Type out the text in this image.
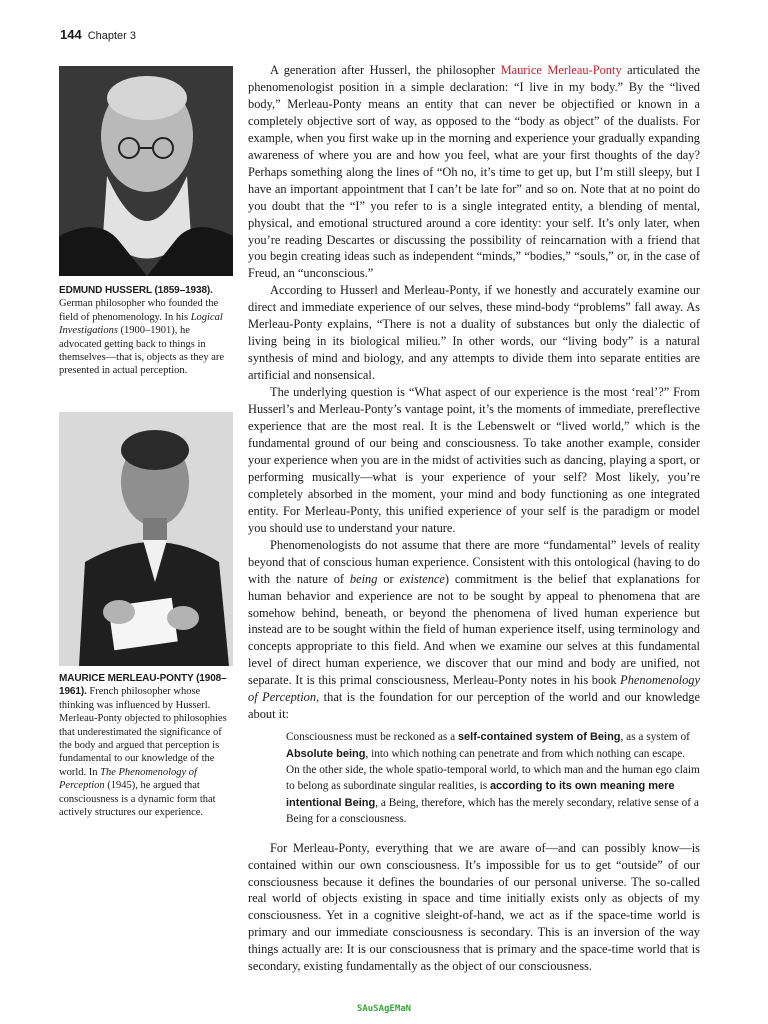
144 Chapter 3
EDMUND HUSSERL (1859–1938). German philosopher who founded the field of phenomenology. In his Logical Investigations (1900–1901), he advocated getting back to things in themselves—that is, objects as they are presented in actual perception.
MAURICE MERLEAU-PONTY (1908–1961). French philosopher whose thinking was influenced by Husserl. Merleau-Ponty objected to philosophies that underestimated the significance of the body and argued that perception is fundamental to our knowledge of the world. In The Phenomenology of Perception (1945), he argued that consciousness is a dynamic form that actively structures our experience.

A generation after Husserl, the philosopher Maurice Merleau-Ponty articulated the phenomenologist position in a simple declaration: “I live in my body.” By the “lived body,” Merleau-Ponty means an entity that can never be objectified or known in a completely objective sort of way, as opposed to the “body as object” of the dualists. For example, when you first wake up in the morning and experience your gradually expanding awareness of where you are and how you feel, what are your first thoughts of the day? Perhaps something along the lines of “Oh no, it’s time to get up, but I’m still sleepy, but I have an important appointment that I can’t be late for” and so on. Note that at no point do you doubt that the “I” you refer to is a single integrated entity, a blending of mental, physical, and emotional structured around a core identity: your self. It’s only later, when you’re reading Descartes or discussing the possibility of reincarnation with a friend that you begin creating ideas such as independent “minds,” “bodies,” “souls,” or, in the case of Freud, an “unconscious.”

According to Husserl and Merleau-Ponty, if we honestly and accurately examine our direct and immediate experience of our selves, these mind-body “problems” fall away. As Merleau-Ponty explains, “There is not a duality of substances but only the dialectic of living being in its biological milieu.” In other words, our “living body” is a natural synthesis of mind and biology, and any attempts to divide them into separate entities are artificial and nonsensical.

The underlying question is “What aspect of our experience is the most ‘real’?” From Husserl’s and Merleau-Ponty’s vantage point, it’s the moments of immediate, prereflective experience that are the most real. It is the Lebenswelt or “lived world,” which is the fundamental ground of our being and consciousness. To take another example, consider your experience when you are in the midst of activities such as dancing, playing a sport, or performing musically—what is your experience of your self? Most likely, you’re completely absorbed in the moment, your mind and body functioning as one integrated entity. For Merleau-Ponty, this unified experience of your self is the paradigm or model you should use to understand your nature.

Phenomenologists do not assume that there are more “fundamental” levels of reality beyond that of conscious human experience. Consistent with this ontological (having to do with the nature of being or existence) commitment is the belief that explanations for human behavior and experience are not to be sought by appeal to phenomena that are somehow behind, beneath, or beyond the phenomena of lived human experience but instead are to be sought within the field of human experience itself, using terminology and concepts appropriate to this field. And when we examine our selves at this fundamental level of direct human experience, we discover that our mind and body are unified, not separate. It is this primal consciousness, Merleau-Ponty notes in his book Phenomenology of Perception, that is the foundation for our perception of the world and our knowledge about it:

Consciousness must be reckoned as a self-contained system of Being, as a system of Absolute being, into which nothing can penetrate and from which nothing can escape. On the other side, the whole spatio-temporal world, to which man and the human ego claim to belong as subordinate singular realities, is according to its own meaning mere intentional Being, a Being, therefore, which has the merely secondary, relative sense of a Being for a consciousness.

For Merleau-Ponty, everything that we are aware of—and can possibly know—is contained within our own consciousness. It’s impossible for us to get “outside” of our consciousness because it defines the boundaries of our personal universe. The so-called real world of objects existing in space and time initially exists only as objects of my consciousness. Yet in a cognitive sleight-of-hand, we act as if the space-time world is primary and our immediate consciousness is secondary. This is an inversion of the way things actually are: It is our consciousness that is primary and the space-time world that is secondary, existing fundamentally as the object of our consciousness.

SAuSAgEMaN
